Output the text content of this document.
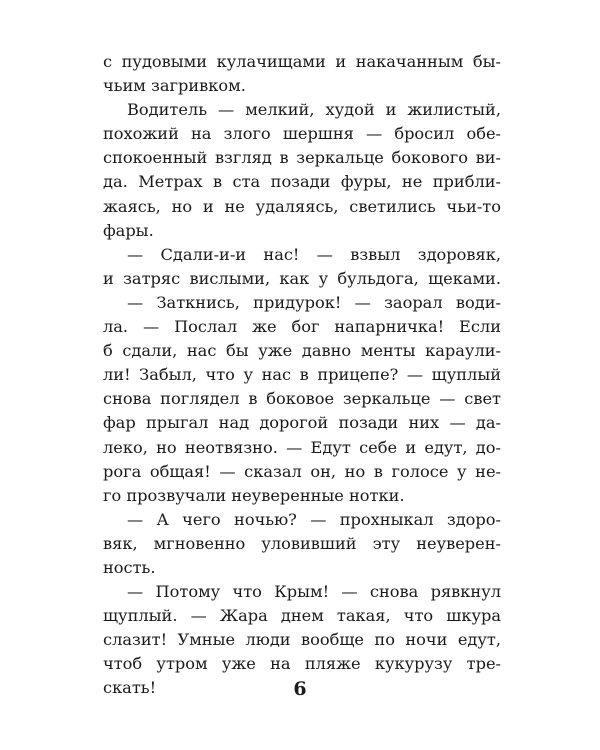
с пудовыми кулачищами и накачанным бы-
чьим загривком.
Водитель — мелкий, худой и жилистый,
похожий на злого шершня — бросил обе-
спокоенный взгляд в зеркальце бокового ви-
да. Метрах в ста позади фуры, не прибли-
жаясь, но и не удаляясь, светились чьи-то
фары.
— Сдали-и-и нас! — взвыл здоровяк,
и затряс вислыми, как у бульдога, щеками.
— Заткнись, придурок! — заорал води-
ла. — Послал же бог напарничка! Если
б сдали, нас бы уже давно менты караули-
ли! Забыл, что у нас в прицепе? — щуплый
снова поглядел в боковое зеркальце — свет
фар прыгал над дорогой позади них — да-
леко, но неотвязно. — Едут себе и едут, до-
рога общая! — сказал он, но в голосе у не-
го прозвучали неуверенные нотки.
— А чего ночью? — прохныкал здоро-
вяк, мгновенно уловивший эту неуверен-
ность.
— Потому что Крым! — снова рявкнул
щуплый. — Жара днем такая, что шкура
слазит! Умные люди вообще по ночи едут,
чтоб утром уже на пляже кукурузу тре-
скать!	6
